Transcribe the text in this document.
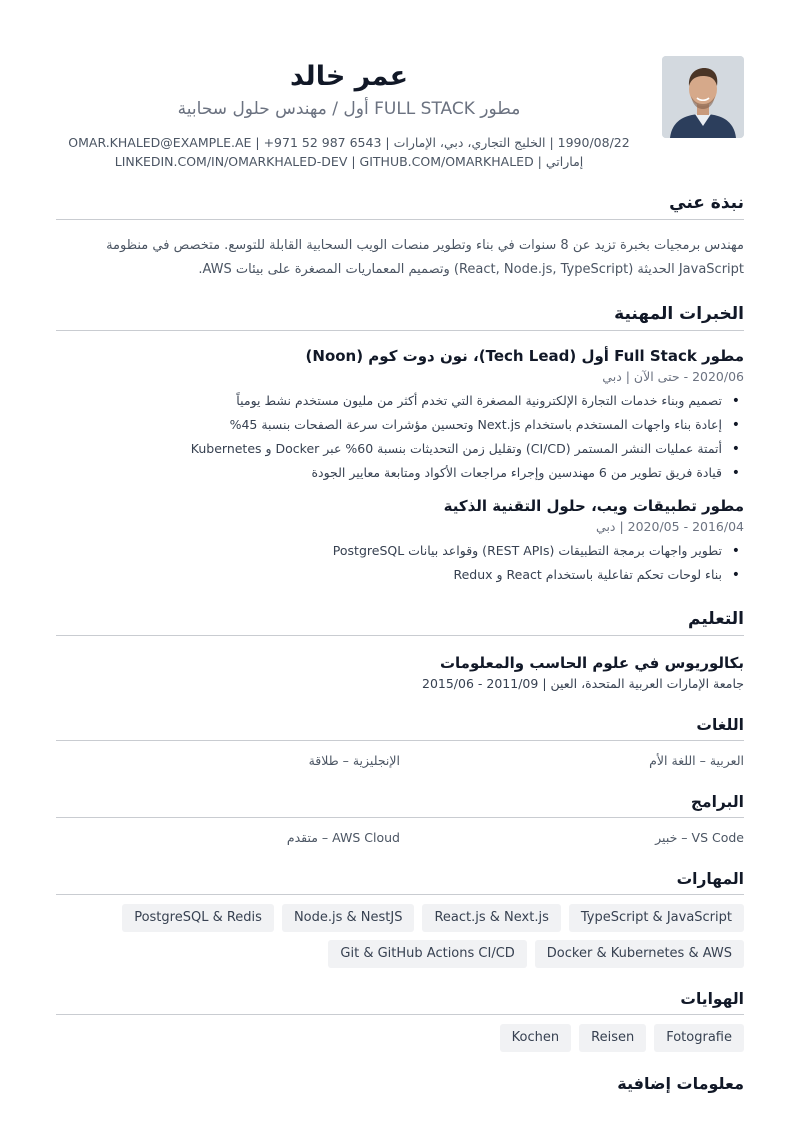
عمر خالد
مطور FULL STACK أول / مهندس حلول سحابية
1990/08/22 | الخليج التجاري، دبي، الإمارات | OMAR.KHALED@EXAMPLE.AE | +971 52 987 6543
إماراتي | LINKEDIN.COM/IN/OMARKHALED-DEV | GITHUB.COM/OMARKHALED
نبذة عني
مهندس برمجيات بخبرة تزيد عن 8 سنوات في بناء وتطوير منصات الويب السحابية القابلة للتوسع. متخصص في منظومة JavaScript الحديثة (React, Node.js, TypeScript) وتصميم المعماريات المصغرة على بيئات AWS.
الخبرات المهنية
مطور Full Stack أول (Tech Lead)، نون دوت كوم (Noon)
2020/06 - حتى الآن | دبي
• تصميم وبناء خدمات التجارة الإلكترونية المصغرة التي تخدم أكثر من مليون مستخدم نشط يومياً
• إعادة بناء واجهات المستخدم باستخدام Next.js وتحسين مؤشرات سرعة الصفحات بنسبة 45%
• أتمتة عمليات النشر المستمر (CI/CD) وتقليل زمن التحديثات بنسبة 60% عبر Docker و Kubernetes
• قيادة فريق تطوير من 6 مهندسين وإجراء مراجعات الأكواد ومتابعة معايير الجودة
مطور تطبيقات ويب، حلول التقنية الذكية
2016/04 - 2020/05 | دبي
• تطوير واجهات برمجة التطبيقات (REST APIs) وقواعد بيانات PostgreSQL
• بناء لوحات تحكم تفاعلية باستخدام React و Redux
التعليم
بكالوريوس في علوم الحاسب والمعلومات
جامعة الإمارات العربية المتحدة، العين | 2011/09 - 2015/06
اللغات
العربية – اللغة الأم
الإنجليزية – طلاقة
البرامج
VS Code – خبير
AWS Cloud – متقدم
المهارات
TypeScript & JavaScript
React.js & Next.js
Node.js & NestJS
PostgreSQL & Redis
Docker & Kubernetes & AWS
Git & GitHub Actions CI/CD
الهوايات
Fotografie
Reisen
Kochen
معلومات إضافية
